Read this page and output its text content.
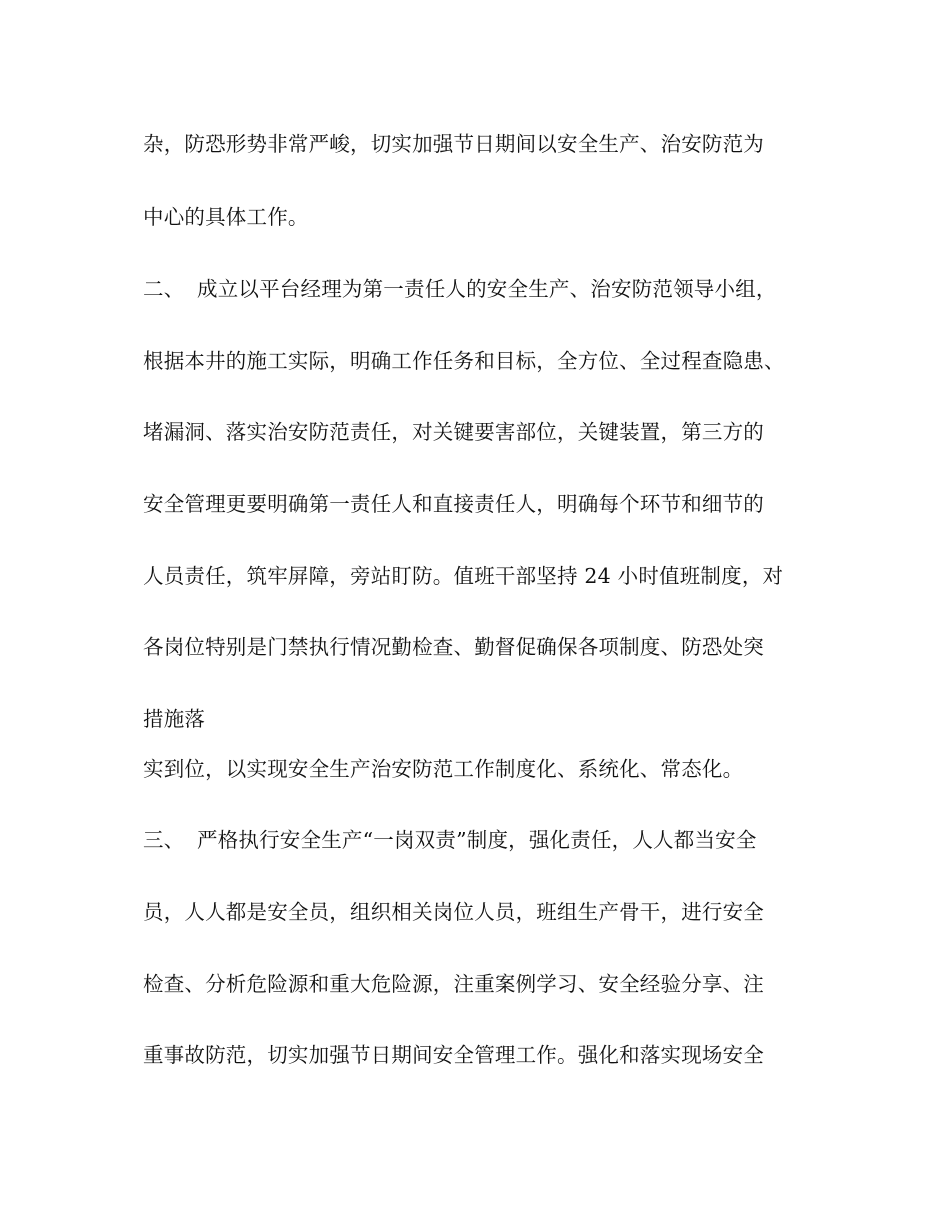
杂，防恐形势非常严峻，切实加强节日期间以安全生产、治安防范为
中心的具体工作。
二、 成立以平台经理为第一责任人的安全生产、治安防范领导小组，
根据本井的施工实际，明确工作任务和目标，全方位、全过程查隐患、
堵漏洞、落实治安防范责任，对关键要害部位，关键装置，第三方的
安全管理更要明确第一责任人和直接责任人，明确每个环节和细节的
人员责任，筑牢屏障，旁站盯防。值班干部坚持 24 小时值班制度，对
各岗位特别是门禁执行情况勤检查、勤督促确保各项制度、防恐处突
措施落
实到位，以实现安全生产治安防范工作制度化、系统化、常态化。
三、 严格执行安全生产“一岗双责”制度，强化责任，人人都当安全
员，人人都是安全员，组织相关岗位人员，班组生产骨干，进行安全
检查、分析危险源和重大危险源，注重案例学习、安全经验分享、注
重事故防范，切实加强节日期间安全管理工作。强化和落实现场安全
